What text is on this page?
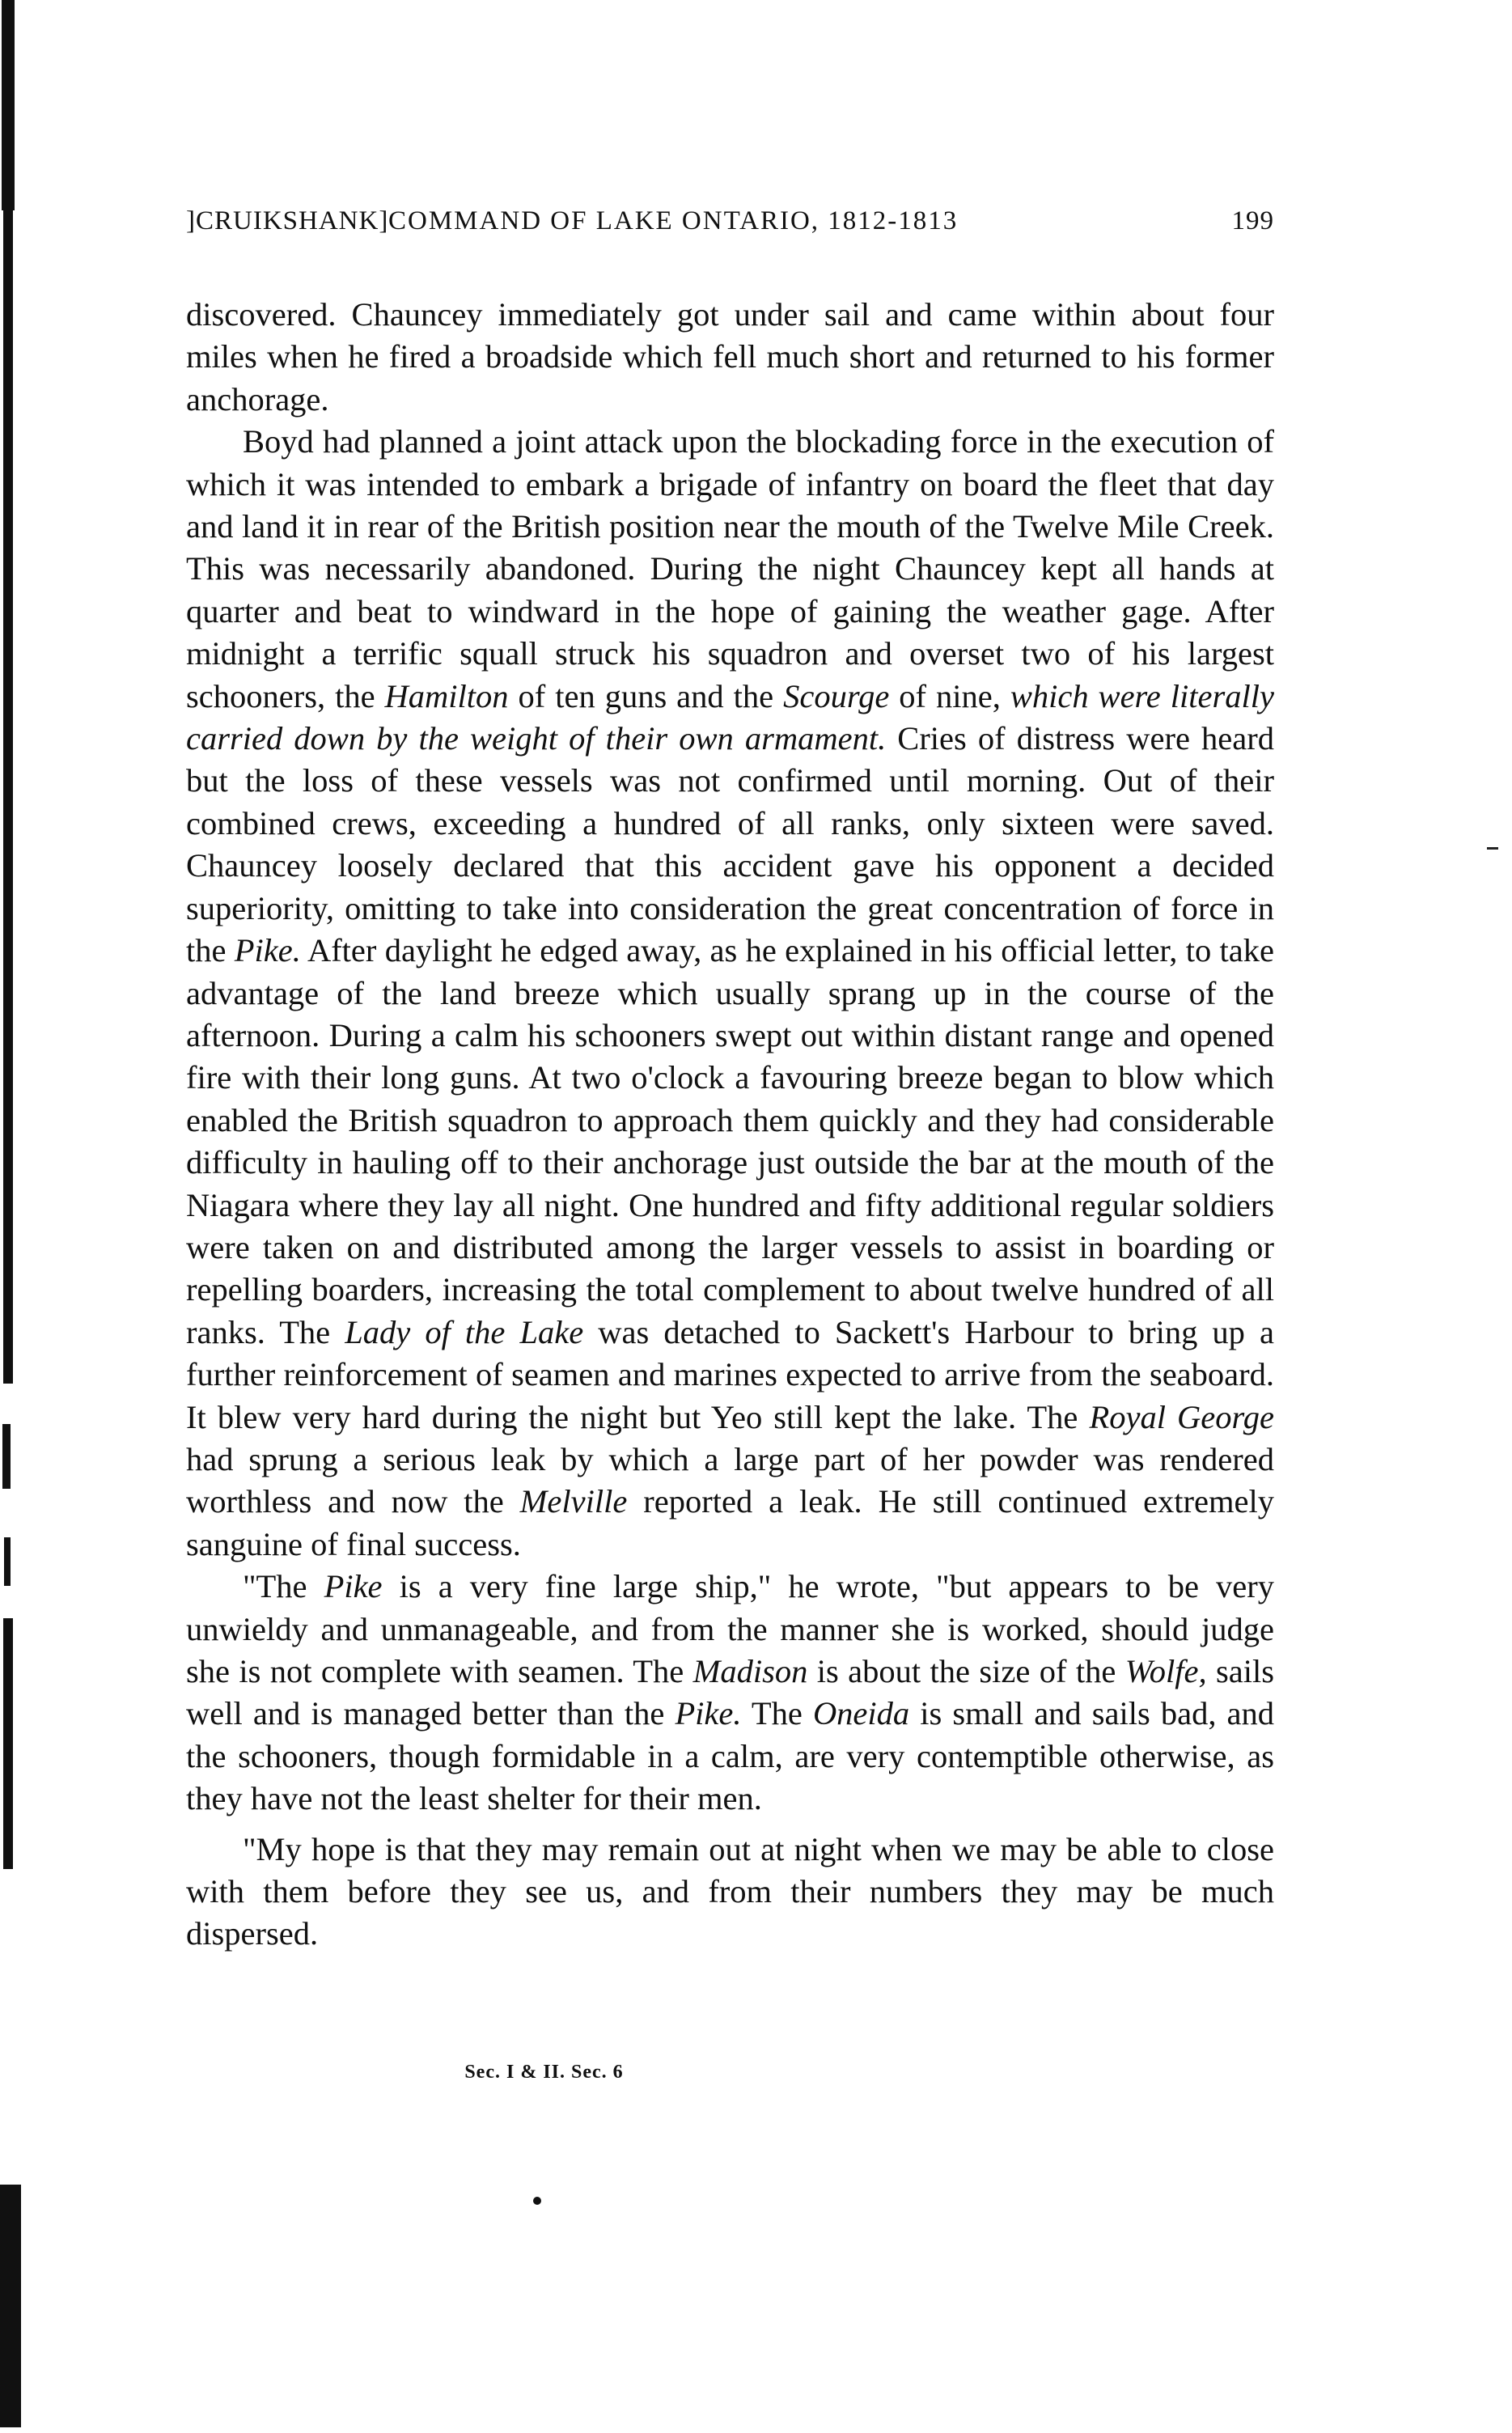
]CRUIKSHANK] COMMAND OF LAKE ONTARIO, 1812-1813	199

discovered. Chauncey immediately got under sail and came within about four miles when he fired a broadside which fell much short and returned to his former anchorage.

Boyd had planned a joint attack upon the blockading force in the execution of which it was intended to embark a brigade of infantry on board the fleet that day and land it in rear of the British position near the mouth of the Twelve Mile Creek. This was necessarily abandoned. During the night Chauncey kept all hands at quarter and beat to windward in the hope of gaining the weather gage. After midnight a terrific squall struck his squadron and overset two of his largest schooners, the Hamilton of ten guns and the Scourge of nine, which were literally carried down by the weight of their own armament. Cries of distress were heard but the loss of these vessels was not confirmed until morning. Out of their combined crews, exceeding a hundred of all ranks, only sixteen were saved. Chauncey loosely declared that this accident gave his opponent a decided superiority, omitting to take into consideration the great concentration of force in the Pike. After daylight he edged away, as he explained in his official letter, to take advantage of the land breeze which usually sprang up in the course of the afternoon. During a calm his schooners swept out within distant range and opened fire with their long guns. At two o'clock a favouring breeze began to blow which enabled the British squadron to approach them quickly and they had considerable difficulty in hauling off to their anchorage just outside the bar at the mouth of the Niagara where they lay all night. One hundred and fifty additional regular soldiers were taken on and distributed among the larger vessels to assist in boarding or repelling boarders, increasing the total complement to about twelve hundred of all ranks. The Lady of the Lake was detached to Sackett's Harbour to bring up a further reinforcement of seamen and marines expected to arrive from the seaboard. It blew very hard during the night but Yeo still kept the lake. The Royal George had sprung a serious leak by which a large part of her powder was rendered worthless and now the Melville reported a leak. He still continued extremely sanguine of final success.

"The Pike is a very fine large ship," he wrote, "but appears to be very unwieldy and unmanageable, and from the manner she is worked, should judge she is not complete with seamen. The Madison is about the size of the Wolfe, sails well and is managed better than the Pike. The Oneida is small and sails bad, and the schooners, though formidable in a calm, are very contemptible otherwise, as they have not the least shelter for their men.

"My hope is that they may remain out at night when we may be able to close with them before they see us, and from their numbers they may be much dispersed.

Sec. I & II. Sec. 6
